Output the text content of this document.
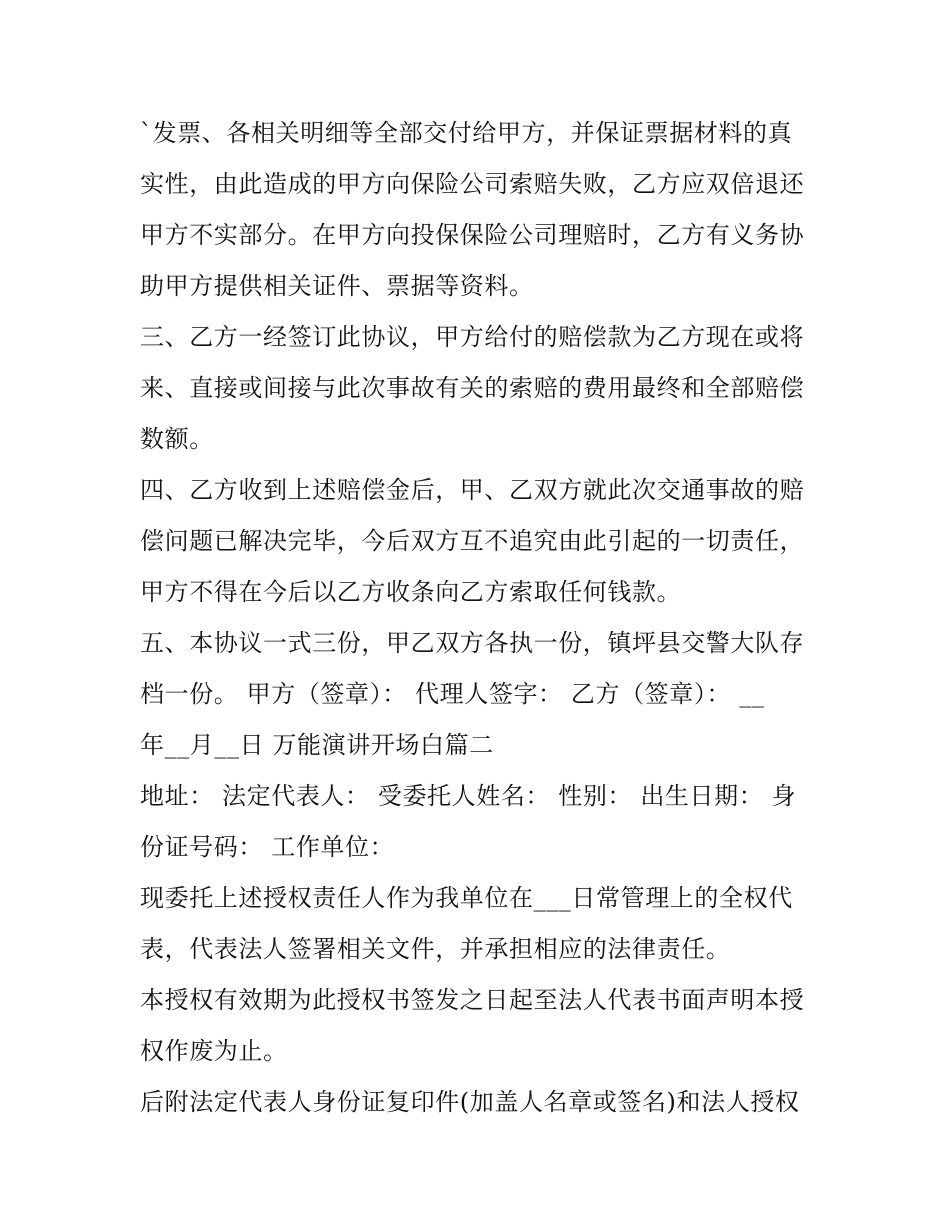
`发票、各相关明细等全部交付给甲方，并保证票据材料的真
实性，由此造成的甲方向保险公司索赔失败，乙方应双倍退还
甲方不实部分。在甲方向投保保险公司理赔时，乙方有义务协
助甲方提供相关证件、票据等资料。
三、乙方一经签订此协议，甲方给付的赔偿款为乙方现在或将
来、直接或间接与此次事故有关的索赔的费用最终和全部赔偿
数额。
四、乙方收到上述赔偿金后，甲、乙双方就此次交通事故的赔
偿问题已解决完毕，今后双方互不追究由此引起的一切责任，
甲方不得在今后以乙方收条向乙方索取任何钱款。
五、本协议一式三份，甲乙双方各执一份，镇坪县交警大队存
档一份。 甲方（签章）： 代理人签字： 乙方（签章）： __
年__月__日 万能演讲开场白篇二
地址： 法定代表人： 受委托人姓名： 性别： 出生日期： 身
份证号码： 工作单位：
现委托上述授权责任人作为我单位在___日常管理上的全权代
表，代表法人签署相关文件，并承担相应的法律责任。
本授权有效期为此授权书签发之日起至法人代表书面声明本授
权作废为止。
后附法定代表人身份证复印件(加盖人名章或签名)和法人授权
